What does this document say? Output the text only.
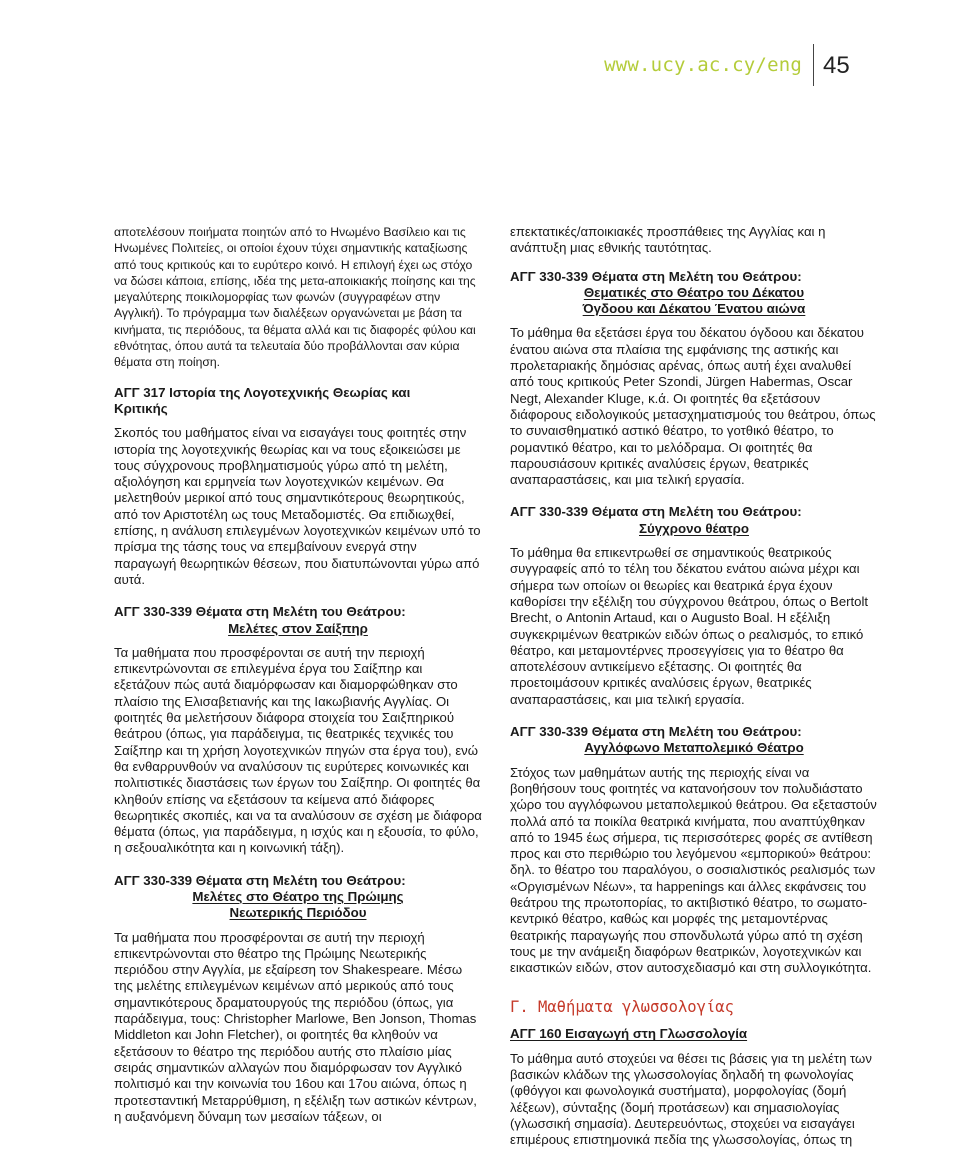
www.ucy.ac.cy/eng 45

αποτελέσουν ποιήματα ποιητών από το Ηνωμένο Βασίλειο και τις Ηνωμένες Πολιτείες, οι οποίοι έχουν τύχει σημαντικής καταξίωσης από τους κριτικούς και το ευρύτερο κοινό. Η επιλογή έχει ως στόχο να δώσει κάποια, επίσης, ιδέα της μετα-αποικιακής ποίησης και της μεγαλύτερης ποικιλομορφίας των φωνών (συγγραφέων στην Αγγλική). Το πρόγραμμα των διαλέξεων οργανώνεται με βάση τα κινήματα, τις περιόδους, τα θέματα αλλά και τις διαφορές φύλου και εθνότητας, όπου αυτά τα τελευταία δύο προβάλλονται σαν κύρια θέματα στη ποίηση.

ΑΓΓ 317 Ιστορία της Λογοτεχνικής Θεωρίας και
Κριτικής

Σκοπός του μαθήματος είναι να εισαγάγει τους φοιτητές στην ιστορία της λογοτεχνικής θεωρίας και να τους εξοικειώσει με τους σύγχρονους προβληματισμούς γύρω από τη μελέτη, αξιολόγηση και ερμηνεία των λογοτεχνικών κειμένων. Θα μελετηθούν μερικοί από τους σημαντικότερους θεωρητικούς, από τον Αριστοτέλη ως τους Μεταδομιστές. Θα επιδιωχθεί, επίσης, η ανάλυση επιλεγμένων λογοτεχνικών κειμένων υπό το πρίσμα της τάσης τους να επεμβαίνουν ενεργά στην παραγωγή θεωρητικών θέσεων, που διατυπώνονται γύρω από αυτά.

ΑΓΓ 330-339 Θέματα στη Μελέτη του Θεάτρου:
Μελέτες στον Σαίξπηρ

Τα μαθήματα που προσφέρονται σε αυτή την περιοχή επικεντρώνονται σε επιλεγμένα έργα του Σαίξπηρ και εξετάζουν πώς αυτά διαμόρφωσαν και διαμορφώθηκαν στο πλαίσιο της Ελισαβετιανής και της Ιακωβιανής Αγγλίας. Οι φοιτητές θα μελετήσουν διάφορα στοιχεία του Σαιξπηρικού θεάτρου (όπως, για παράδειγμα, τις θεατρικές τεχνικές του Σαίξπηρ και τη χρήση λογοτεχνικών πηγών στα έργα του), ενώ θα ενθαρρυνθούν να αναλύσουν τις ευρύτερες κοινωνικές και πολιτιστικές διαστάσεις των έργων του Σαίξπηρ. Οι φοιτητές θα κληθούν επίσης να εξετάσουν τα κείμενα από διάφορες θεωρητικές σκοπιές, και να τα αναλύσουν σε σχέση με διάφορα θέματα (όπως, για παράδειγμα, η ισχύς και η εξουσία, το φύλο, η σεξουαλικότητα και η κοινωνική τάξη).

ΑΓΓ 330-339 Θέματα στη Μελέτη του Θεάτρου:
Μελέτες στο Θέατρο της Πρώιμης
Νεωτερικής Περιόδου

Τα μαθήματα που προσφέρονται σε αυτή την περιοχή επικεντρώνονται στο θέατρο της Πρώιμης Νεωτερικής περιόδου στην Αγγλία, με εξαίρεση τον Shakespeare. Μέσω της μελέτης επιλεγμένων κειμένων από μερικούς από τους σημαντικότερους δραματουργούς της περιόδου (όπως, για παράδειγμα, τους: Christopher Marlowe, Ben Jonson, Thomas Middleton και John Fletcher), οι φοιτητές θα κληθούν να εξετάσουν το θέατρο της περιόδου αυτής στο πλαίσιο μίας σειράς σημαντικών αλλαγών που διαμόρφωσαν τον Αγγλικό πολιτισμό και την κοινωνία του 16ου και 17ου αιώνα, όπως η προτεσταντική Μεταρρύθμιση, η εξέλιξη των αστικών κέντρων, η αυξανόμενη δύναμη των μεσαίων τάξεων, οι

επεκτατικές/αποικιακές προσπάθειες της Αγγλίας και η ανάπτυξη μιας εθνικής ταυτότητας.

ΑΓΓ 330-339 Θέματα στη Μελέτη του Θεάτρου:
Θεματικές στο Θέατρο του Δέκατου
Όγδοου και Δέκατου Ένατου αιώνα

Το μάθημα θα εξετάσει έργα του δέκατου όγδοου και δέκατου ένατου αιώνα στα πλαίσια της εμφάνισης της αστικής και προλεταριακής δημόσιας αρένας, όπως αυτή έχει αναλυθεί από τους κριτικούς Peter Szondi, Jürgen Habermas, Oscar Negt, Alexander Kluge, κ.ά. Οι φοιτητές θα εξετάσουν διάφορους ειδολογικούς μετασχηματισμούς του θεάτρου, όπως το συναισθηματικό αστικό θέατρο, το γοτθικό θέατρο, το ρομαντικό θέατρο, και το μελόδραμα. Οι φοιτητές θα παρουσιάσουν κριτικές αναλύσεις έργων, θεατρικές αναπαραστάσεις, και μια τελική εργασία.

ΑΓΓ 330-339 Θέματα στη Μελέτη του Θεάτρου:
Σύγχρονο θέατρο

Το μάθημα θα επικεντρωθεί σε σημαντικούς θεατρικούς συγγραφείς από το τέλη του δέκατου ενάτου αιώνα μέχρι και σήμερα των οποίων οι θεωρίες και θεατρικά έργα έχουν καθορίσει την εξέλιξη του σύγχρονου θεάτρου, όπως ο Bertolt Brecht, ο Antonin Artaud, και ο Augusto Boal. Η εξέλιξη συγκεκριμένων θεατρικών ειδών όπως ο ρεαλισμός, το επικό θέατρο, και μεταμοντέρνες προσεγγίσεις για το θέατρο θα αποτελέσουν αντικείμενο εξέτασης. Οι φοιτητές θα προετοιμάσουν κριτικές αναλύσεις έργων, θεατρικές αναπαραστάσεις, και μια τελική εργασία.

ΑΓΓ 330-339 Θέματα στη Μελέτη του Θεάτρου:
Αγγλόφωνο Μεταπολεμικό Θέατρο

Στόχος των μαθημάτων αυτής της περιοχής είναι να βοηθήσουν τους φοιτητές να κατανοήσουν τον πολυδιάστατο χώρο του αγγλόφωνου μεταπολεμικού θεάτρου. Θα εξεταστούν πολλά από τα ποικίλα θεατρικά κινήματα, που αναπτύχθηκαν από το 1945 έως σήμερα, τις περισσότερες φορές σε αντίθεση προς και στο περιθώριο του λεγόμενου «εμπορικού» θεάτρου: δηλ. το θέατρο του παραλόγου, ο σοσιαλιστικός ρεαλισμός των «Οργισμένων Νέων», τα happenings και άλλες εκφάνσεις του θεάτρου της πρωτοπορίας, το ακτιβιστικό θέατρο, το σωματο-κεντρικό θέατρο, καθώς και μορφές της μεταμοντέρνας θεατρικής παραγωγής που σπονδυλωτά γύρω από τη σχέση τους με την ανάμειξη διαφόρων θεατρικών, λογοτεχνικών και εικαστικών ειδών, στον αυτοσχεδιασμό και στη συλλογικότητα.

Γ. Μαθήματα γλωσσολογίας
ΑΓΓ 160 Εισαγωγή στη Γλωσσολογία

Το μάθημα αυτό στοχεύει να θέσει τις βάσεις για τη μελέτη των βασικών κλάδων της γλωσσολογίας δηλαδή τη φωνολογίας (φθόγγοι και φωνολογικά συστήματα), μορφολογίας (δομή λέξεων), σύνταξης (δομή προτάσεων) και σημασιολογίας (γλωσσική σημασία). Δευτερευόντως, στοχεύει να εισαγάγει επιμέρους επιστημονικά πεδία της γλωσσολογίας, όπως τη
